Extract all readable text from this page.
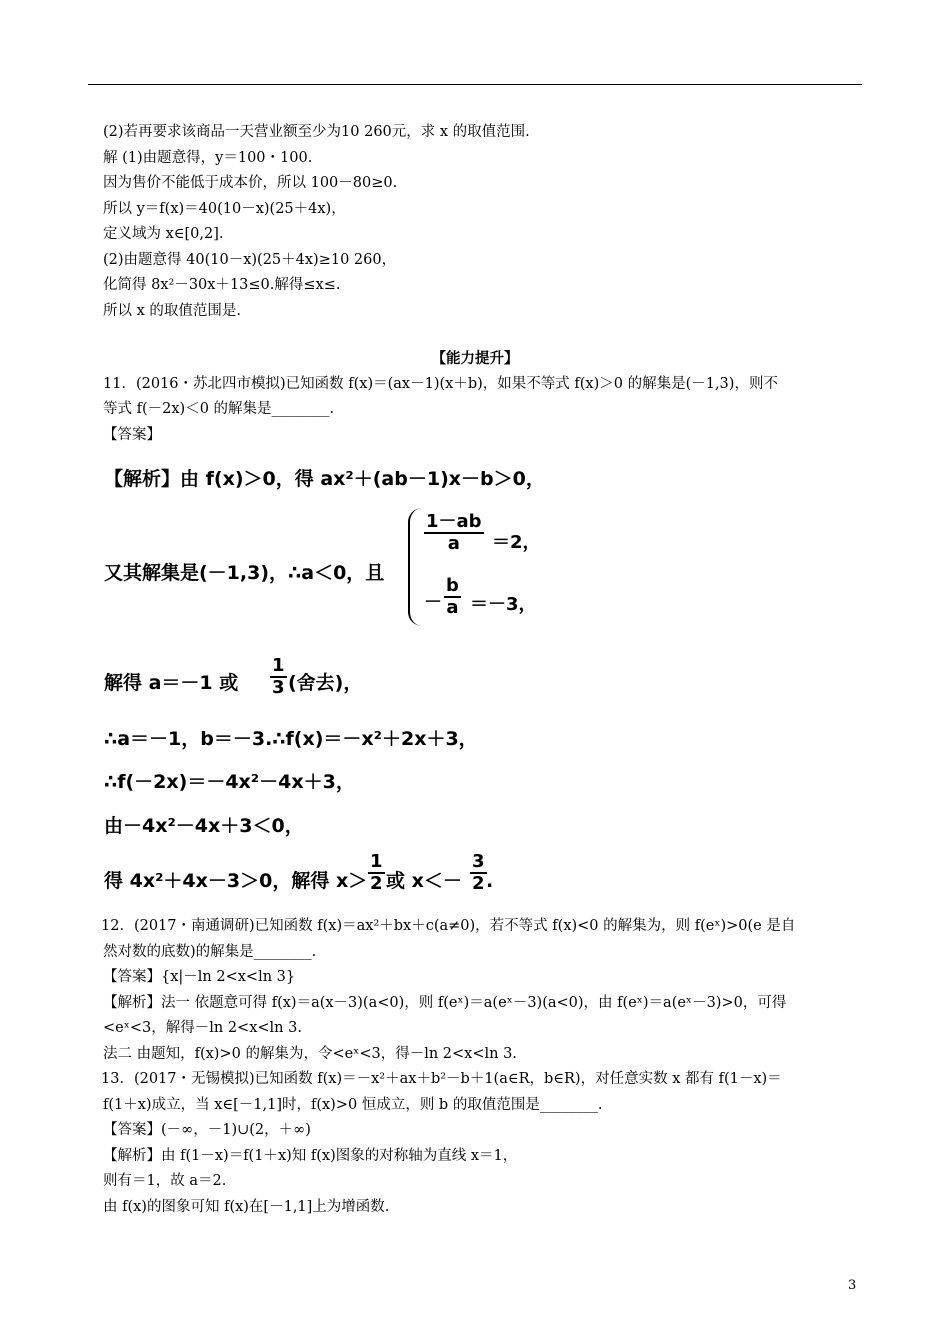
(2)若再要求该商品一天营业额至少为10 260元，求 x 的取值范围.
解 (1)由题意得，y＝100・100.
因为售价不能低于成本价，所以 100－80≥0.
所以 y＝f(x)＝40(10－x)(25＋4x)，
定义域为 x∈[0,2].
(2)由题意得 40(10－x)(25＋4x)≥10 260，
化简得 8x²－30x＋13≤0.解得≤x≤.
所以 x 的取值范围是.
【能力提升】
11．(2016・苏北四市模拟)已知函数 f(x)＝(ax－1)(x＋b)，如果不等式 f(x)＞0 的解集是(－1,3)，则不
等式 f(－2x)＜0 的解集是________.
【答案】
【解析】由 f(x)＞0，得 ax²＋(ab－1)x－b＞0，
又其解集是(－1,3)，∴a＜0，且
$\frac{1-ab}{a} =2$，
－ $\frac{b}{a} =-3$，
解得 a＝－1 或 $\frac{1}{3}$ (舍去)，
∴a＝－1，b＝－3.∴f(x)＝－x²＋2x＋3，
∴f(－2x)＝－4x²－4x＋3，
由－4x²－4x＋3＜0，
得 4x²＋4x－3＞0，解得 $x> \frac{1}{2}$ 或 $x<- \frac{3}{2}$ .
12．(2017・南通调研)已知函数 f(x)＝ax²＋bx＋c(a≠0)，若不等式 f(x)<0 的解集为，则 f(eˣ)>0(e 是自
然对数的底数)的解集是________.
【答案】{x|－ln 2<x<ln 3}
【解析】法一 依题意可得 f(x)＝a(x－3)(a<0)，则 f(eˣ)＝a(eˣ－3)(a<0)，由 f(eˣ)＝a(eˣ－3)>0，可得
<eˣ<3，解得－ln 2<x<ln 3.
法二 由题知，f(x)>0 的解集为，令<eˣ<3，得－ln 2<x<ln 3.
13．(2017・无锡模拟)已知函数 f(x)＝－x²＋ax＋b²－b＋1(a∈R，b∈R)，对任意实数 x 都有 f(1－x)＝
f(1＋x)成立，当 x∈[－1,1]时，f(x)>0 恒成立，则 b 的取值范围是________.
【答案】(－∞，－1)∪(2，＋∞)
【解析】由 f(1－x)＝f(1＋x)知 f(x)图象的对称轴为直线 x＝1，
则有＝1，故 a＝2.
由 f(x)的图象可知 f(x)在[－1,1]上为增函数.
3
